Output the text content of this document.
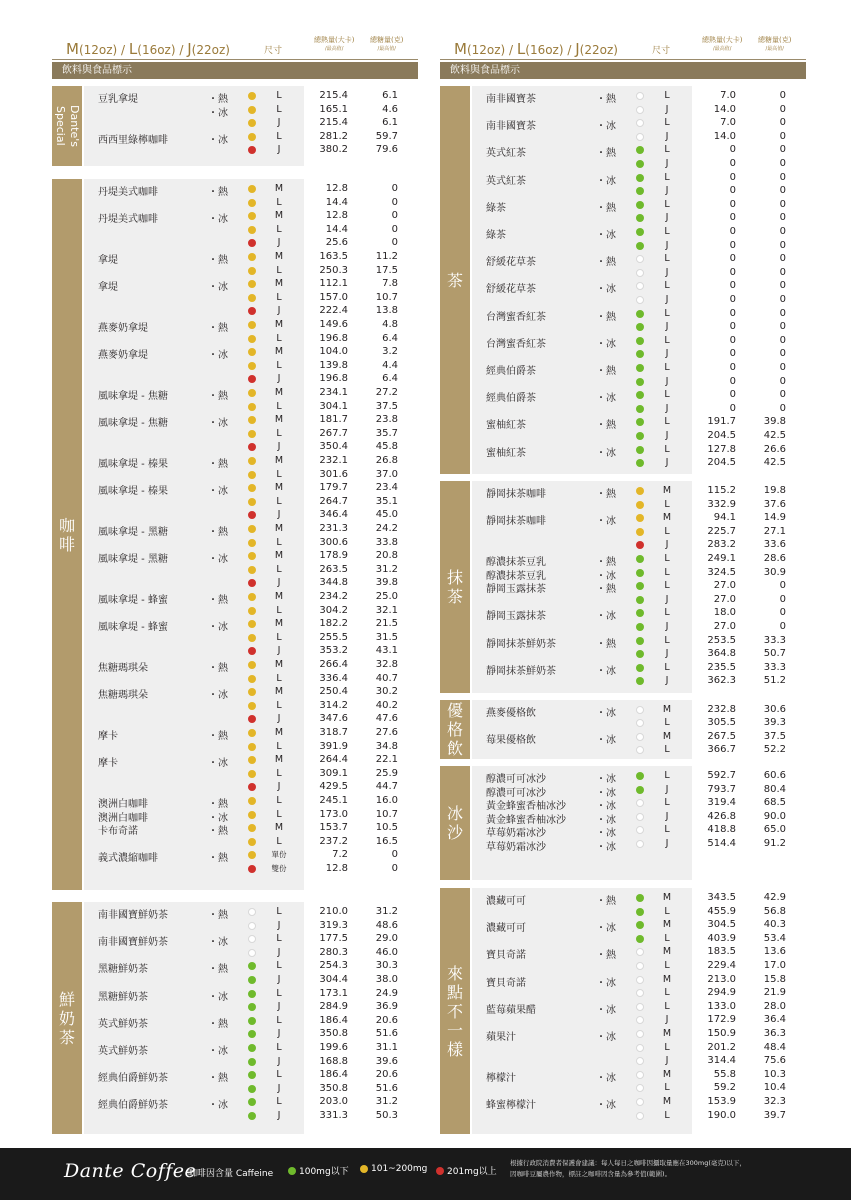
M(12oz) / L(16oz) / J(22oz)	尺寸
總熱量(大卡)
/最高值/
總糖量(克)
/最高值/
飲料與食品標示
Dante's Special
豆乳拿堤	・熱	L	215.4	6.1
・冰	L	165.1	4.6
J	215.4	6.1
西西里綠檸咖啡	・冰	L	281.2	59.7
J	380.2	79.6
咖啡
丹堤美式咖啡	・熱	M	12.8	0
L	14.4	0
丹堤美式咖啡	・冰	M	12.8	0
L	14.4	0
J	25.6	0
拿堤	・熱	M	163.5	11.2
L	250.3	17.5
拿堤	・冰	M	112.1	7.8
L	157.0	10.7
J	222.4	13.8
燕麥奶拿堤	・熱	M	149.6	4.8
L	196.8	6.4
燕麥奶拿堤	・冰	M	104.0	3.2
L	139.8	4.4
J	196.8	6.4
風味拿堤 - 焦糖	・熱	M	234.1	27.2
L	304.1	37.5
風味拿堤 - 焦糖	・冰	M	181.7	23.8
L	267.7	35.7
J	350.4	45.8
風味拿堤 - 榛果	・熱	M	232.1	26.8
L	301.6	37.0
風味拿堤 - 榛果	・冰	M	179.7	23.4
L	264.7	35.1
J	346.4	45.0
風味拿堤 - 黑糖	・熱	M	231.3	24.2
L	300.6	33.8
風味拿堤 - 黑糖	・冰	M	178.9	20.8
L	263.5	31.2
J	344.8	39.8
風味拿堤 - 蜂蜜	・熱	M	234.2	25.0
L	304.2	32.1
風味拿堤 - 蜂蜜	・冰	M	182.2	21.5
L	255.5	31.5
J	353.2	43.1
焦糖瑪琪朵	・熱	M	266.4	32.8
L	336.4	40.7
焦糖瑪琪朵	・冰	M	250.4	30.2
L	314.2	40.2
J	347.6	47.6
摩卡	・熱	M	318.7	27.6
L	391.9	34.8
摩卡	・冰	M	264.4	22.1
L	309.1	25.9
J	429.5	44.7
澳洲白咖啡	・熱	L	245.1	16.0
澳洲白咖啡	・冰	L	173.0	10.7
卡布奇諾	・熱	M	153.7	10.5
L	237.2	16.5
義式濃縮咖啡	・熱	單份	7.2	0
雙份	12.8	0
鮮奶茶
南非國寶鮮奶茶	・熱	L	210.0	31.2
J	319.3	48.6
南非國寶鮮奶茶	・冰	L	177.5	29.0
J	280.3	46.0
黑糖鮮奶茶	・熱	L	254.3	30.3
J	304.4	38.0
黑糖鮮奶茶	・冰	L	173.1	24.9
J	284.9	36.9
英式鮮奶茶	・熱	L	186.4	20.6
J	350.8	51.6
英式鮮奶茶	・冰	L	199.6	31.1
J	168.8	39.6
經典伯爵鮮奶茶	・熱	L	186.4	20.6
J	350.8	51.6
經典伯爵鮮奶茶	・冰	L	203.0	31.2
J	331.3	50.3
M(12oz) / L(16oz) / J(22oz)	尺寸
總熱量(大卡)
/最高值/
總糖量(克)
/最高值/
飲料與食品標示
茶
南非國寶茶	・熱	L	7.0	0
J	14.0	0
南非國寶茶	・冰	L	7.0	0
J	14.0	0
英式紅茶	・熱	L	0	0
J	0	0
英式紅茶	・冰	L	0	0
J	0	0
綠茶	・熱	L	0	0
J	0	0
綠茶	・冰	L	0	0
J	0	0
舒緩花草茶	・熱	L	0	0
J	0	0
舒緩花草茶	・冰	L	0	0
J	0	0
台灣蜜香紅茶	・熱	L	0	0
J	0	0
台灣蜜香紅茶	・冰	L	0	0
J	0	0
經典伯爵茶	・熱	L	0	0
J	0	0
經典伯爵茶	・冰	L	0	0
J	0	0
蜜柚紅茶	・熱	L	191.7	39.8
J	204.5	42.5
蜜柚紅茶	・冰	L	127.8	26.6
J	204.5	42.5
抹茶
靜岡抹茶咖啡	・熱	M	115.2	19.8
L	332.9	37.6
靜岡抹茶咖啡	・冰	M	94.1	14.9
L	225.7	27.1
J	283.2	33.6
醇濃抹茶豆乳	・熱	L	249.1	28.6
醇濃抹茶豆乳	・冰	L	324.5	30.9
靜岡玉露抹茶	・熱	L	27.0	0
J	27.0	0
靜岡玉露抹茶	・冰	L	18.0	0
J	27.0	0
靜岡抹茶鮮奶茶	・熱	L	253.5	33.3
J	364.8	50.7
靜岡抹茶鮮奶茶	・冰	L	235.5	33.3
J	362.3	51.2
優格飲
燕麥優格飲	・冰	M	232.8	30.6
L	305.5	39.3
莓果優格飲	・冰	M	267.5	37.5
L	366.7	52.2
冰沙
醇濃可可冰沙	・冰	L	592.7	60.6
醇濃可可冰沙	・冰	J	793.7	80.4
黃金蜂蜜香柚冰沙	・冰	L	319.4	68.5
黃金蜂蜜香柚冰沙	・冰	J	426.8	90.0
草莓奶霜冰沙	・冰	L	418.8	65.0
草莓奶霜冰沙	・冰	J	514.4	91.2
來點不一樣
濃藏可可	・熱	M	343.5	42.9
L	455.9	56.8
濃藏可可	・冰	M	304.5	40.3
L	403.9	53.4
寶貝奇諾	・熱	M	183.5	13.6
L	229.4	17.0
寶貝奇諾	・冰	M	213.0	15.8
L	294.9	21.9
藍莓蘋果醋	・冰	L	133.0	28.0
J	172.9	36.4
蘋果汁	・冰	M	150.9	36.3
L	201.2	48.4
J	314.4	75.6
檸檬汁	・冰	M	55.8	10.3
L	59.2	10.4
蜂蜜檸檬汁	・冰	M	153.9	32.3
L	190.0	39.7
Dante Coffee
咖啡因含量 Caffeine	100mg以下 101~200mg 201mg以上
根據行政院消費者保護會建議：每人每日之咖啡因攝取量應在300mg(毫克)以下，
因咖啡豆屬農作物，標註之咖啡因含量為參考值(範圍)。
